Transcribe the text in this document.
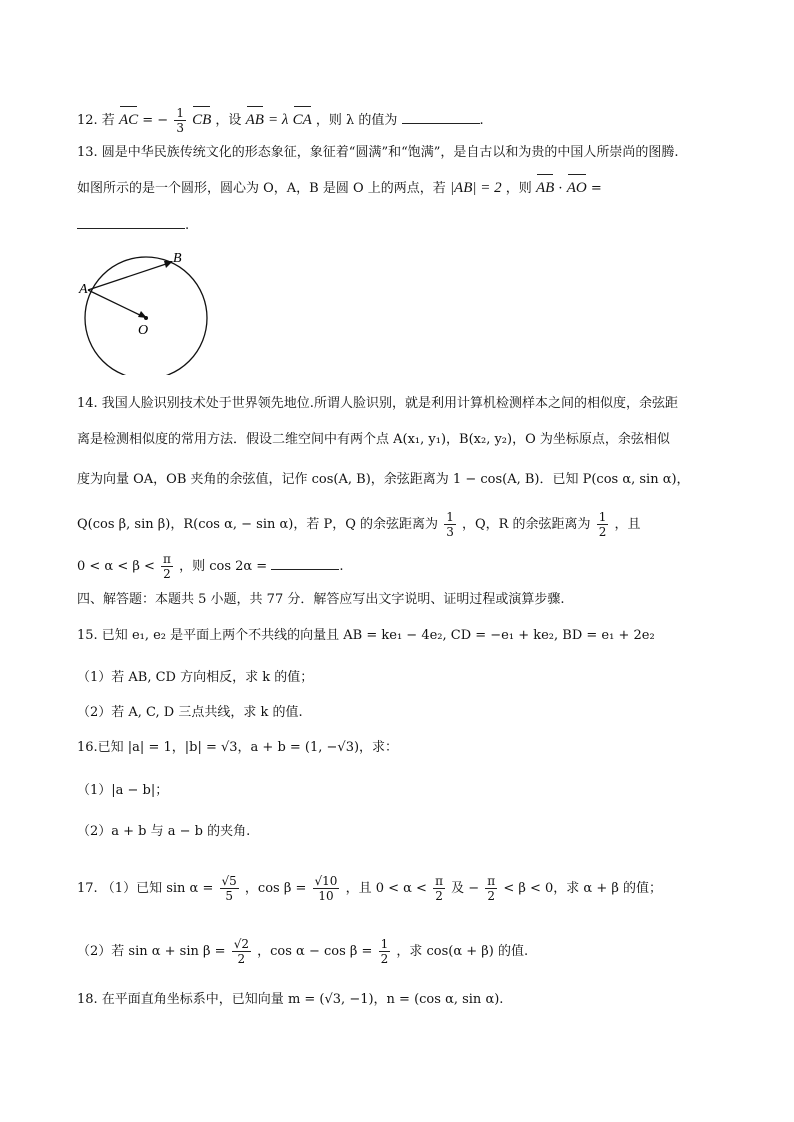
12. 若 AC = − $\frac{1}{3}$ CB ，设 AB = λ CA ，则 λ 的值为	.
13. 圆是中华民族传统文化的形态象征，象征着“圆满”和“饱满”，是自古以和为贵的中国人所崇尚的图腾.
如图所示的是一个圆形，圆心为 O，A，B 是圆 O 上的两点，若 |AB| = 2 ，则 AB · AO =
.
A
B
O
14. 我国人脸识别技术处于世界领先地位.所谓人脸识别，就是利用计算机检测样本之间的相似度，余弦距
离是检测相似度的常用方法．假设二维空间中有两个点 A(x₁, y₁)，B(x₂, y₂)，O 为坐标原点，余弦相似
度为向量 OA，OB 夹角的余弦值，记作 cos(A, B)，余弦距离为 1 − cos(A, B)．已知 P(cos α, sin α)，
Q(cos β, sin β)，R(cos α, − sin α)，若 P，Q 的余弦距离为 $\frac{1}{3}$ ，Q，R 的余弦距离为 $\frac{1}{2}$ ，且
$0 < \alpha < \beta < \frac{\pi}{2}$ ，则 cos 2α =	.
四、解答题：本题共 5 小题，共 77 分．解答应写出文字说明、证明过程或演算步骤.
15. 已知 e₁, e₂ 是平面上两个不共线的向量且 AB = ke₁ − 4e₂, CD = −e₁ + ke₂, BD = e₁ + 2e₂
（1）若 AB, CD 方向相反，求 k 的值；
（2）若 A, C, D 三点共线，求 k 的值.
16.已知 |a| = 1，|b| = √3，a + b = (1, −√3)，求：
（1）|a − b|；
（2）a + b 与 a − b 的夹角.
17. （1）已知 $\sin \alpha = \frac{√5}{5}$ ，$\cos \beta = \frac{√10}{10}$ ，且 $0 < \alpha < \frac{\pi}{2}$ 及 − $\frac{\pi}{2} < \beta < 0$，求 α + β 的值；
（2）若 $\sin \alpha + \sin \beta = \frac{√2}{2}$ ，$\cos \alpha - \cos \beta = \frac{1}{2}$ ，求 cos(α + β) 的值.
18. 在平面直角坐标系中，已知向量 m = (√3, −1)，n = (cos α, sin α).
